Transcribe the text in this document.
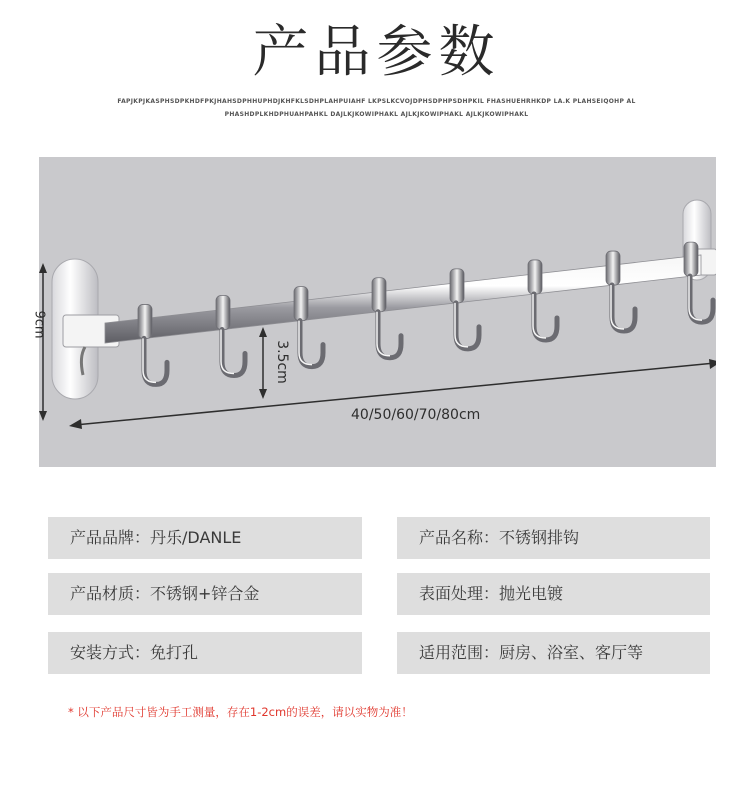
产品参数
FAPJKPJKASPHSDPKHDFPKJHAHSDPHHUPHDJKHFKLSDHPLAHPUIAHF LKPSLKCVOJDPHSDPHPSDHPKIL FHASHUEHRHKDP LA.K PLAHSEIQOHP AL
PHASHDPLKHDPHUAHPAHKL DAJLKJKOWIPHAKL AJLKJKOWIPHAKL AJLKJKOWIPHAKL
9cm
3.5cm
40/50/60/70/80cm
产品品牌：丹乐/DANLE	产品名称：不锈钢排钩
产品材质：不锈钢+锌合金	表面处理：抛光电镀
安装方式：免打孔	适用范围：厨房、浴室、客厅等
* 以下产品尺寸皆为手工测量，存在1-2cm的误差，请以实物为准！
